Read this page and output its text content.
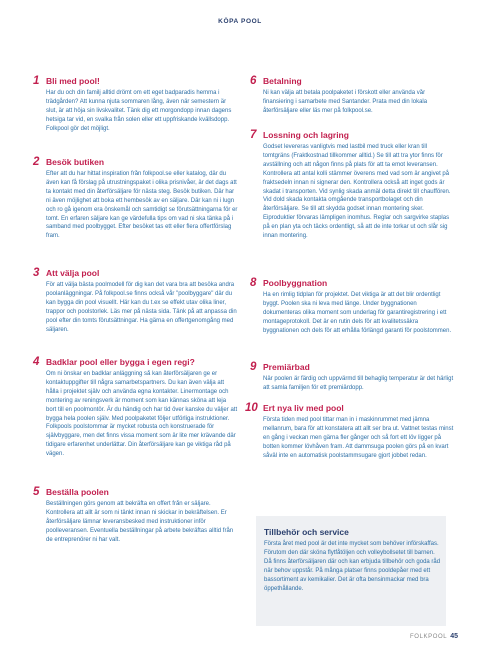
KÖPA POOL
1 Bli med pool!
Har du och din familj alltid drömt om ett eget badparadis hemma i trädgården? Att kunna njuta sommaren lång, även när semestern är slut, är att höja sin livskvalitet. Tänk dig ett morgondopp innan dagens hetsiga tar vid, en svalka från solen eller ett uppfriskande kvällsdopp. Folkpool gör det möjligt.
2 Besök butiken
Efter att du har hittat inspiration från folkpool.se eller katalog, där du även kan få förslag på utrustningspaket i olika prisnivåer, är det dags att ta kontakt med din återförsäljare för nästa steg. Besök butiken. Där har ni även möjlighet att boka ett hembesök av en säljare. Där kan ni i lugn och ro gå igenom era önskemål och samtidigt se förutsättningarna för er tomt. En erfaren säljare kan ge värdefulla tips om vad ni ska tänka på i samband med poolbygget. Efter besöket tas ett eller flera offertförslag fram.
3 Att välja pool
För att välja bästa poolmodell för dig kan det vara bra att besöka andra poolanläggningar. På folkpool.se finns också vår "poolbyggare" där du kan bygga din pool visuellt. Här kan du t.ex se effekt utav olika liner, trappor och poolstorlek. Läs mer på nästa sida. Tänk på att anpassa din pool efter din tomts förutsättningar. Ha gärna en offertgenomgång med säljaren.
4 Badklar pool eller bygga i egen regi?
Om ni önskar en badklar anläggning så kan återförsäljaren ge er kontaktuppgifter till några samarbetspartners. Du kan även välja att hålla i projektet själv och använda egna kontakter. Linermontage och montering av reningsverk är moment som kan kännas sköna att leja bort till en poolmontör. Är du händig och har tid över kanske du väljer att bygga hela poolen själv. Med poolpaketet följer utförliga instruktioner. Folkpools poolstommar är mycket robusta och konstruerade för självbyggare, men det finns vissa moment som är lite mer krävande där tidigare erfarenhet underlättar. Din återförsäljare kan ge viktiga råd på vägen.
5 Beställa poolen
Beställningen görs genom att bekräfta en offert från er säljare. Kontrollera att allt är som ni tänkt innan ni skickar in bekräftelsen. Er återförsäljare lämnar leveransbesked med instruktioner inför poolleveransen. Eventuella beställningar på arbete bekräftas alltid från de entreprenörer ni har valt.
6 Betalning
Ni kan välja att betala poolpaketet i förskott eller använda vår finansiering i samarbete med Santander. Prata med din lokala återförsäljare eller läs mer på folkpool.se.
7 Lossning och lagring
Godset levereras vanligtvis med lastbil med truck eller kran till tomtgräns (Fraktkostnad tillkommer alltid.) Se till att tra ytor finns för avställning och att någon finns på plats för att ta emot leveransen. Kontrollera att antal kolli stämmer överens med vad som är angivet på fraktsedeln innan ni signerar den. Kontrollera också att inget gods är skadat i transporten. Vid synlig skada anmäl detta direkt till chauffören. Vid dold skada kontakta omgående transportbolaget och din återförsäljare. Se till att skydda godset innan montering sker. Eiproduktier förvaras lämpligen inomhus. Reglar och sargvirke staplas på en plan yta och täcks ordentligt, så att de inte torkar ut och slår sig innan montering.
8 Poolbyggnation
Ha en rimlig tidplan för projektet. Det viktiga är att det blir ordentligt byggt. Poolen ska ni leva med länge. Under byggnationen dokumenteras olika moment som underlag för garantiregistrering i ett montageprotokoll. Det är en rutin dels för att kvalitetssäkra byggnationen och dels för att erhålla förlängd garanti för poolstommen.
9 Premiärbad
När poolen är färdig och uppvärmd till behaglig temperatur är det härligt att samla familjen för ett premiärdopp.
10 Ert nya liv med pool
Första tiden med pool tittar man in i maskinrummet med jämna mellanrum, bara för att konstatera att allt ser bra ut. Vattnet testas minst en gång i veckan men gärna fler gånger och så fort ett löv ligger på botten kommer lövhåven fram. Att dammsuga poolen görs på en kvart såväl inte en automatisk poolstammsugare gjort jobbet redan.
Tillbehör och service
Första året med pool är det inte mycket som behöver införskaffas. Förutom den där sköna flytfåtöljen och volleybollsetet till barnen. Då finns återförsäljaren där och kan erbjuda tillbehör och goda råd när behov uppstår. På många platser finns pooldepåer med ett bassortiment av kemikalier. Det är ofta bensinmackar med bra öppethållande.
FOLKPOOL 45
